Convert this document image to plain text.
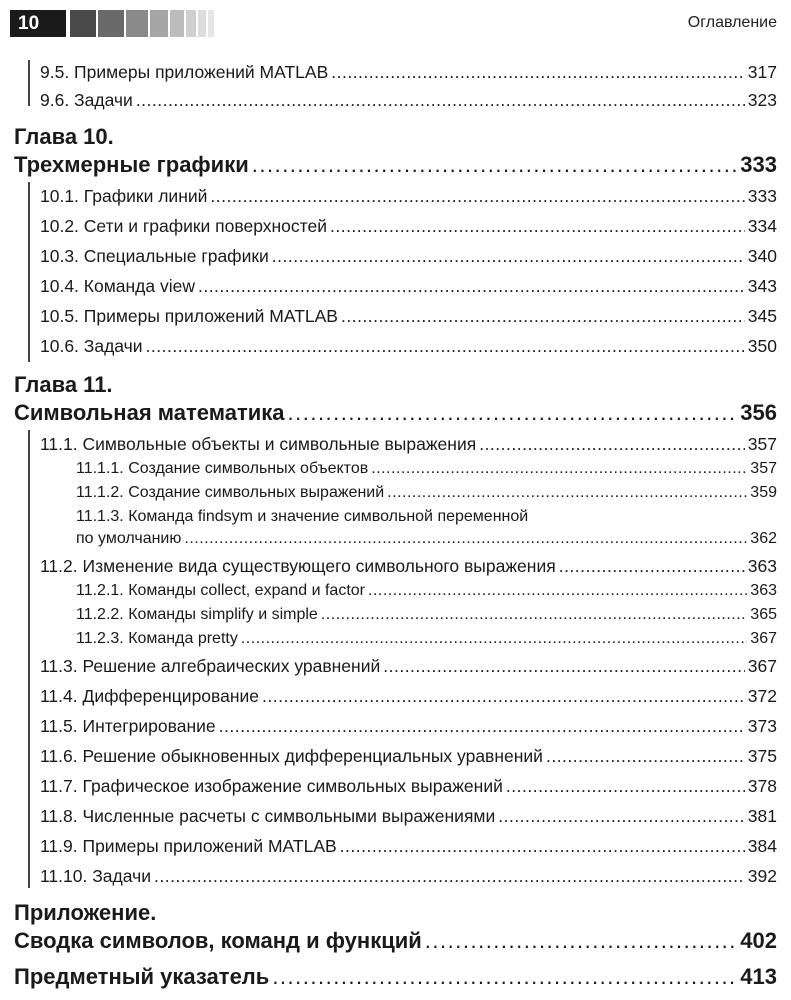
10	Оглавление
9.5. Примеры приложений MATLAB .....	317
9.6. Задачи .....	323
Глава 10.
Трехмерные графики .....	333
10.1. Графики линий .....	333
10.2. Сети и графики поверхностей .....	334
10.3. Специальные графики .....	340
10.4. Команда view .....	343
10.5. Примеры приложений MATLAB .....	345
10.6. Задачи .....	350
Глава 11.
Символьная математика .....	356
11.1. Символьные объекты и символьные выражения .....	357
11.1.1. Создание символьных объектов .....	357
11.1.2. Создание символьных выражений .....	359
11.1.3. Команда findsym и значение символьной переменной
по умолчанию .....	362
11.2. Изменение вида существующего символьного выражения .....	363
11.2.1. Команды collect, expand и factor .....	363
11.2.2. Команды simplify и simple .....	365
11.2.3. Команда pretty .....	367
11.3. Решение алгебраических уравнений .....	367
11.4. Дифференцирование .....	372
11.5. Интегрирование .....	373
11.6. Решение обыкновенных дифференциальных уравнений .....	375
11.7. Графическое изображение символьных выражений .....	378
11.8. Численные расчеты с символьными выражениями .....	381
11.9. Примеры приложений MATLAB .....	384
11.10. Задачи .....	392
Приложение.
Сводка символов, команд и функций .....	402
Предметный указатель .....	413
